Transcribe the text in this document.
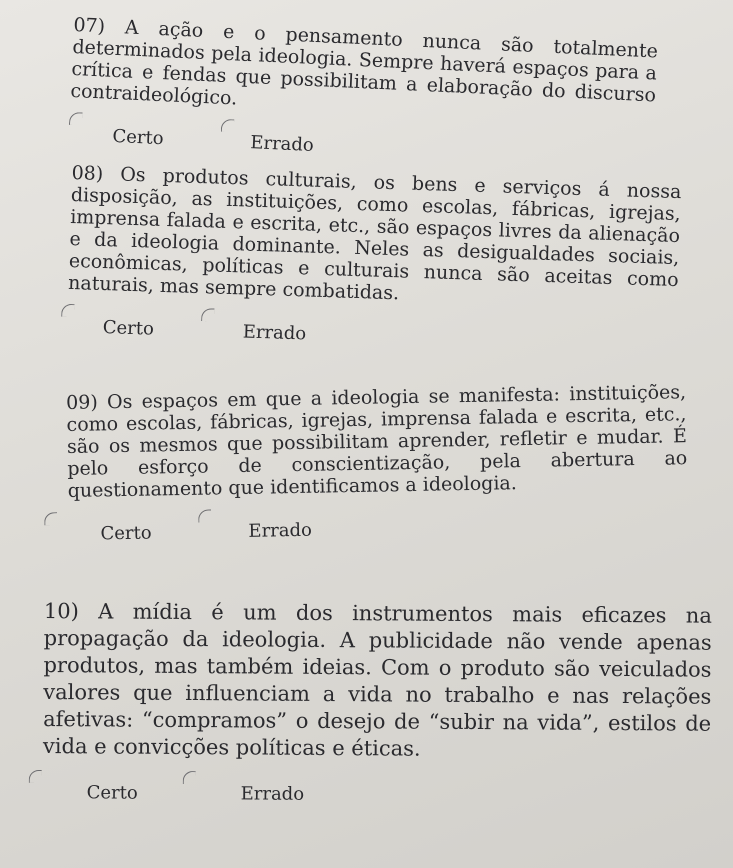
07) A ação e o pensamento nunca são totalmente determinados pela ideologia. Sempre haverá espaços para a crítica e fendas que possibilitam a elaboração do discurso contraideológico.

Certo	Errado

08) Os produtos culturais, os bens e serviços á nossa disposição, as instituições, como escolas, fábricas, igrejas, imprensa falada e escrita, etc., são espaços livres da alienação e da ideologia dominante. Neles as desigualdades sociais, econômicas, políticas e culturais nunca são aceitas como naturais, mas sempre combatidas.

Certo	Errado

09) Os espaços em que a ideologia se manifesta: instituições, como escolas, fábricas, igrejas, imprensa falada e escrita, etc., são os mesmos que possibilitam aprender, refletir e mudar. É pelo esforço de conscientização, pela abertura ao questionamento que identificamos a ideologia.

Certo	Errado

10) A mídia é um dos instrumentos mais eficazes na propagação da ideologia. A publicidade não vende apenas produtos, mas também ideias. Com o produto são veiculados valores que influenciam a vida no trabalho e nas relações afetivas: “compramos” o desejo de “subir na vida”, estilos de vida e convicções políticas e éticas.

Certo	Errado
